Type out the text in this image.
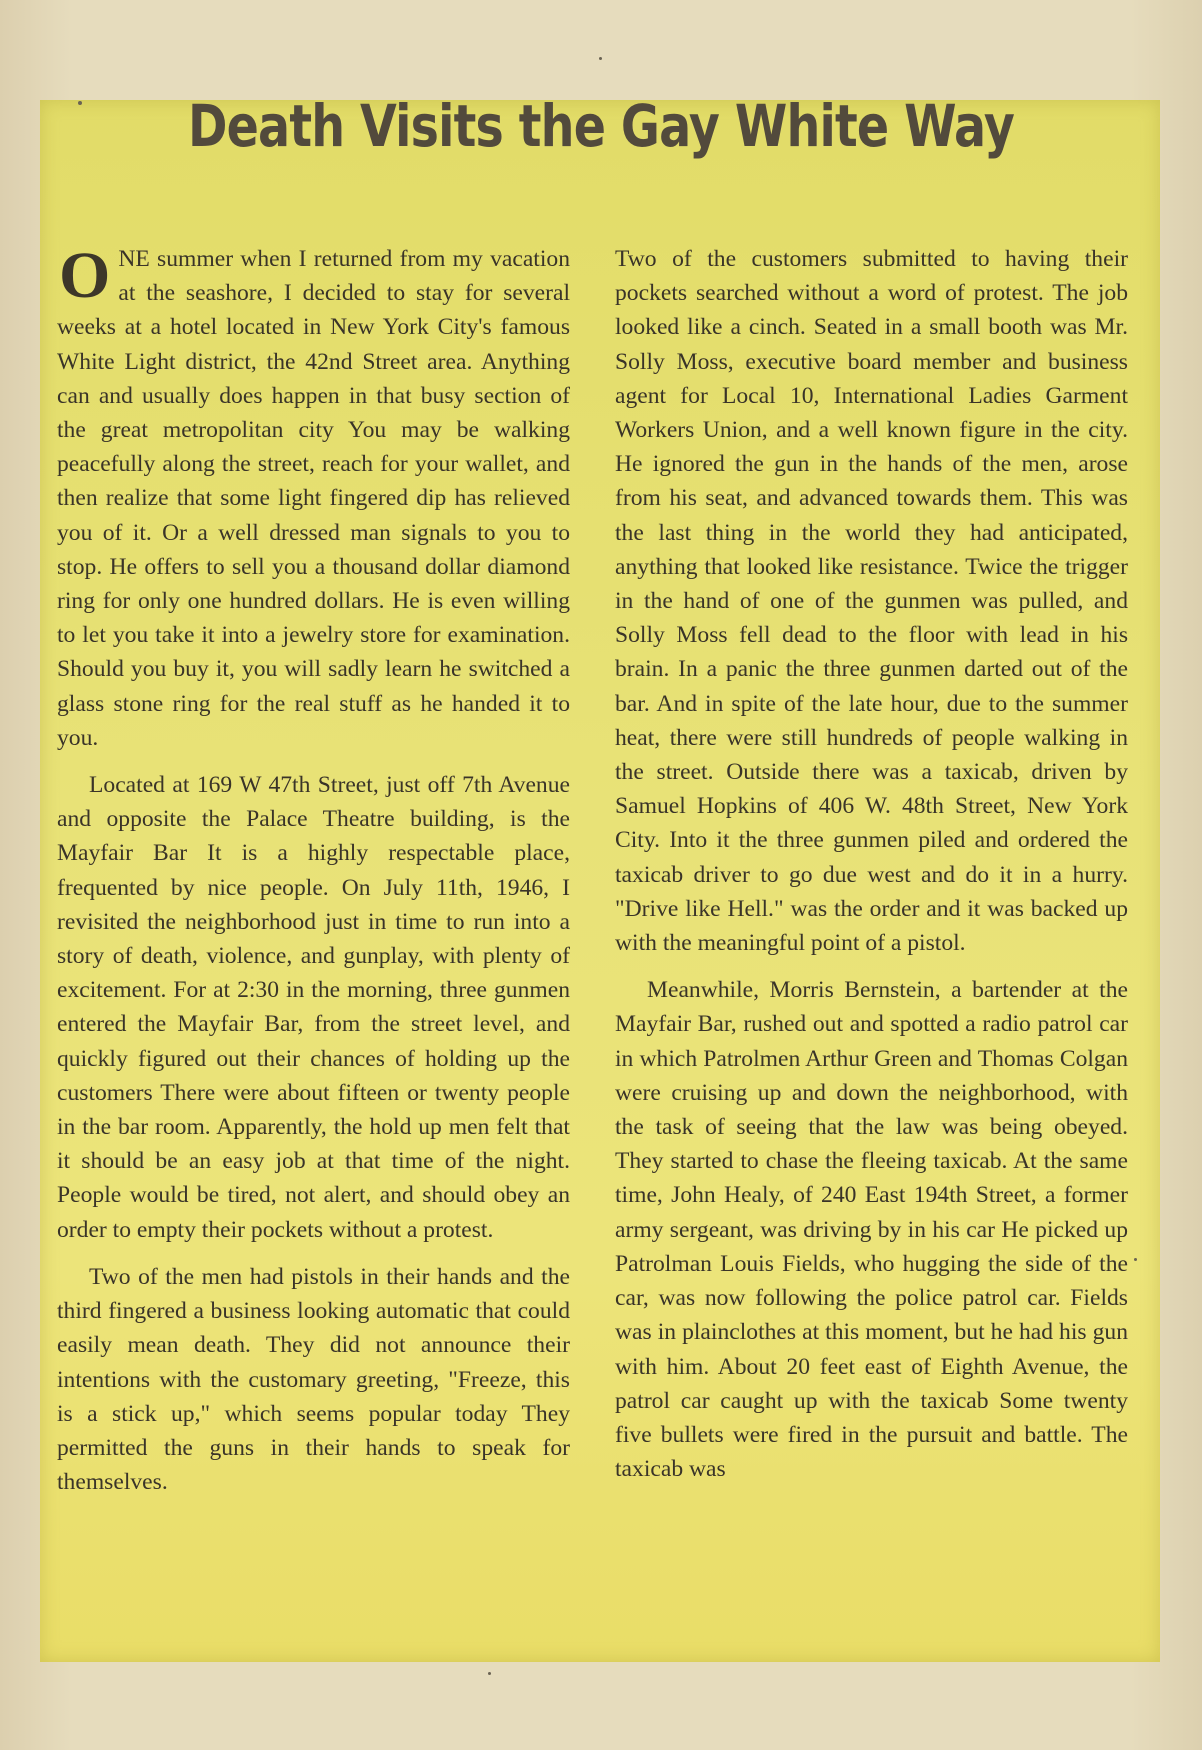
Death Visits the Gay White Way

ONE summer when I returned from my vacation at the seashore, I decided to stay for several weeks at a hotel located in New York City's famous White Light district, the 42nd Street area. Anything can and usually does happen in that busy section of the great metropolitan city You may be walking peacefully along the street, reach for your wallet, and then realize that some light fingered dip has relieved you of it. Or a well dressed man signals to you to stop. He offers to sell you a thousand dollar diamond ring for only one hundred dollars. He is even willing to let you take it into a jewelry store for examination. Should you buy it, you will sadly learn he switched a glass stone ring for the real stuff as he handed it to you.

Located at 169 W 47th Street, just off 7th Avenue and opposite the Palace Theatre building, is the Mayfair Bar It is a highly respectable place, frequented by nice people. On July 11th, 1946, I revisited the neighborhood just in time to run into a story of death, violence, and gunplay, with plenty of excitement. For at 2:30 in the morning, three gunmen entered the Mayfair Bar, from the street level, and quickly figured out their chances of holding up the customers There were about fifteen or twenty people in the bar room. Apparently, the hold up men felt that it should be an easy job at that time of the night. People would be tired, not alert, and should obey an order to empty their pockets without a protest.

Two of the men had pistols in their hands and the third fingered a business looking automatic that could easily mean death. They did not announce their intentions with the customary greeting, "Freeze, this is a stick up," which seems popular today They permitted the guns in their hands to speak for themselves.

Two of the customers submitted to having their pockets searched without a word of protest. The job looked like a cinch. Seated in a small booth was Mr. Solly Moss, executive board member and business agent for Local 10, International Ladies Garment Workers Union, and a well known figure in the city. He ignored the gun in the hands of the men, arose from his seat, and advanced towards them. This was the last thing in the world they had anticipated, anything that looked like resistance. Twice the trigger in the hand of one of the gunmen was pulled, and Solly Moss fell dead to the floor with lead in his brain. In a panic the three gunmen darted out of the bar. And in spite of the late hour, due to the summer heat, there were still hundreds of people walking in the street. Outside there was a taxicab, driven by Samuel Hopkins of 406 W. 48th Street, New York City. Into it the three gunmen piled and ordered the taxicab driver to go due west and do it in a hurry. "Drive like Hell." was the order and it was backed up with the meaningful point of a pistol.

Meanwhile, Morris Bernstein, a bartender at the Mayfair Bar, rushed out and spotted a radio patrol car in which Patrolmen Arthur Green and Thomas Colgan were cruising up and down the neighborhood, with the task of seeing that the law was being obeyed. They started to chase the fleeing taxicab. At the same time, John Healy, of 240 East 194th Street, a former army sergeant, was driving by in his car He picked up Patrolman Louis Fields, who hugging the side of the car, was now following the police patrol car. Fields was in plainclothes at this moment, but he had his gun with him. About 20 feet east of Eighth Avenue, the patrol car caught up with the taxicab Some twenty five bullets were fired in the pursuit and battle. The taxicab was
